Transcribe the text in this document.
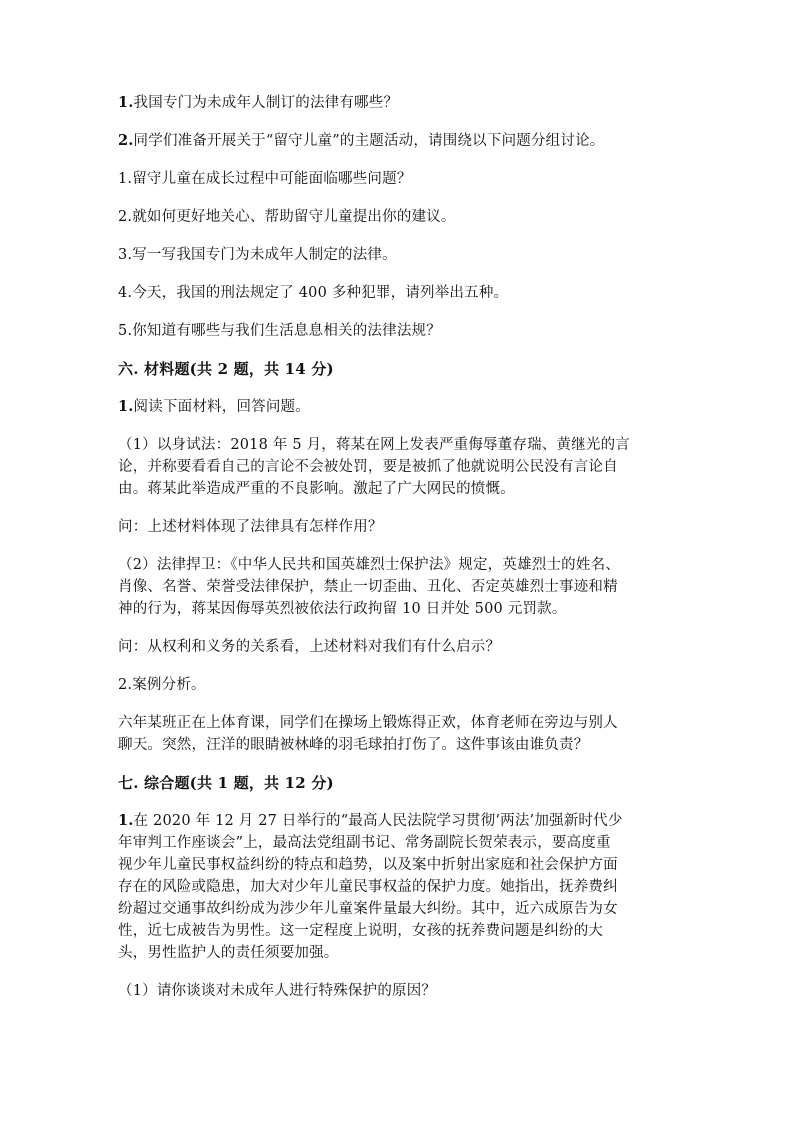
1.我国专门为未成年人制订的法律有哪些？

2.同学们准备开展关于“留守儿童”的主题活动，请围绕以下问题分组讨论。

1.留守儿童在成长过程中可能面临哪些问题？

2.就如何更好地关心、帮助留守儿童提出你的建议。

3.写一写我国专门为未成年人制定的法律。

4.今天，我国的刑法规定了 400 多种犯罪，请列举出五种。

5.你知道有哪些与我们生活息息相关的法律法规？

六. 材料题(共 2 题，共 14 分)

1.阅读下面材料，回答问题。

（1）以身试法：2018 年 5 月，蒋某在网上发表严重侮辱董存瑞、黄继光的言

论，并称要看看自己的言论不会被处罚，要是被抓了他就说明公民没有言论自

由。蒋某此举造成严重的不良影响。激起了广大网民的愤慨。

问：上述材料体现了法律具有怎样作用？

（2）法律捍卫：《中华人民共和国英雄烈士保护法》规定，英雄烈士的姓名、

肖像、名誉、荣誉受法律保护，禁止一切歪曲、丑化、否定英雄烈士事迹和精

神的行为，蒋某因侮辱英烈被依法行政拘留 10 日并处 500 元罚款。

问：从权利和义务的关系看，上述材料对我们有什么启示？

2.案例分析。

六年某班正在上体育课，同学们在操场上锻炼得正欢，体育老师在旁边与别人

聊天。突然，汪洋的眼睛被林峰的羽毛球拍打伤了。这件事该由谁负责？

七. 综合题(共 1 题，共 12 分)

1.在 2020 年 12 月 27 日举行的“最高人民法院学习贯彻‘两法’加强新时代少

年审判工作座谈会”上，最高法党组副书记、常务副院长贺荣表示，要高度重

视少年儿童民事权益纠纷的特点和趋势，以及案中折射出家庭和社会保护方面

存在的风险或隐患，加大对少年儿童民事权益的保护力度。她指出，抚养费纠

纷超过交通事故纠纷成为涉少年儿童案件量最大纠纷。其中，近六成原告为女

性，近七成被告为男性。这一定程度上说明，女孩的抚养费问题是纠纷的大

头，男性监护人的责任须要加强。

（1）请你谈谈对未成年人进行特殊保护的原因？
